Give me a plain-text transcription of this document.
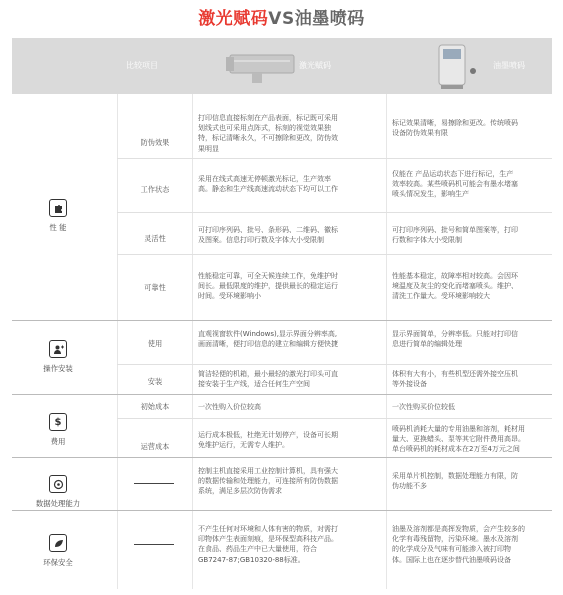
激光赋码VS油墨喷码
比较项目	激光赋码	油墨喷码
性 能
操作安装
$
费用
数据处理能力
环保安全
防伪效果
工作状态
灵活性
可靠性
使用
安装
初始成本
运营成本
打印信息直接标刻在产品表面，标记既可采用
划线式也可采用点阵式，标刻的视觉效果独
特，标记清晰永久，不可擦除和更改，防伪效
果明显
采用在线式高速无停顿激光标记，生产效率
高。静态和生产线高速流动状态下均可以工作
可打印序列码、批号、条形码、二维码、徽标
及图案。信息打印行数及字体大小受限制
性能稳定可靠，可全天候连续工作，免维护时
间长。最低限度的维护，提供最长的稳定运行
时间。受环境影响小
直观视窗软件(Windows),显示界面分辨率高,
画面清晰，便打印信息的建立和编辑方便快捷
简洁轻便的机箱，最小最轻的激光打印头可直
接安装于生产线，适合任何生产空间
一次性购入价位较高
运行成本极低，杜绝无计划停产，设备可长期
免维护运行，无需专人维护。
控制主机直接采用工业控制计算机，具有强大
的数据传输和处理能力，可连接所有防伪数据
系统，满足多层次防伪需求
不产生任何对环境和人体有害的物质，对需打
印物体产生表面刻痕，是环保型高科技产品。
在食品、药品生产中已大量使用，符合
GB7247-87;GB10320-88标准。
标记效果清晰，易擦除和更改。传统喷码
设备防伪效果有限
仅能在 产品运动状态下进行标记，生产
效率较高。某些喷码机可能会有墨水堵塞
喷头情况发生，影响生产
可打印序列码、批号和简单图案等，打印
行数和字体大小受限制
性能基本稳定，故障率相对较高。会因环
境温度及灰尘的变化而堵塞喷头。维护、
清洗工作量大。受环境影响较大
显示界面简单，分辨率低。只能对打印信
息进行简单的编辑处理
体积有大有小，有些机型还需外接空压机
等外接设备
一次性购买价位较低
喷码机消耗大量的专用油墨和溶剂，耗材用
量大、更换蜡头、泵等其它附件费用高昂。
单台喷码机的耗材成本在2万至4万元之间
采用单片机控制，数据处理能力有限，防
伪功能不多
油墨及溶剂都是高挥发物质，会产生较多的
化学有毒残留物，污染环境。墨水及溶剂
的化学成分及气味有可能渗入被打印物
体。国际上也在逐步替代油墨喷码设备
